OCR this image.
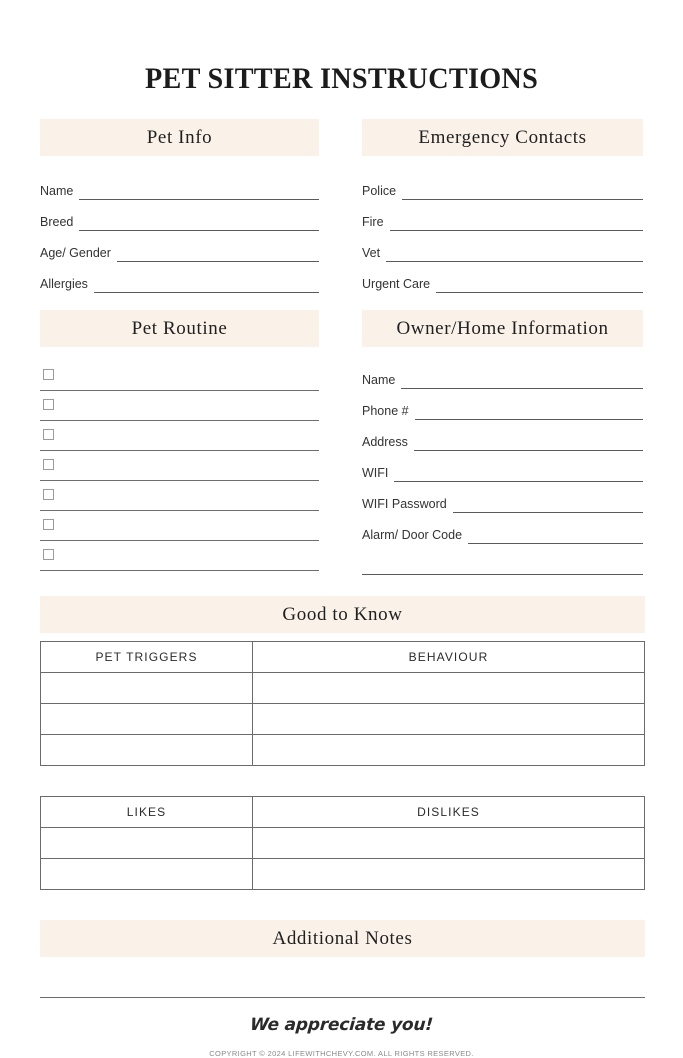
PET SITTER INSTRUCTIONS
Pet Info
Name
Breed
Age/ Gender
Allergies
Emergency Contacts
Police
Fire
Vet
Urgent Care
Pet Routine	Owner/Home Information
Name
Phone #
Address
WIFI
WIFI Password
Alarm/ Door Code
Good to Know
PET TRIGGERS	BEHAVIOUR

LIKES	DISLIKES

Additional Notes
We appreciate you!
COPYRIGHT © 2024 LIFEWITHCHEVY.COM. ALL RIGHTS RESERVED.
